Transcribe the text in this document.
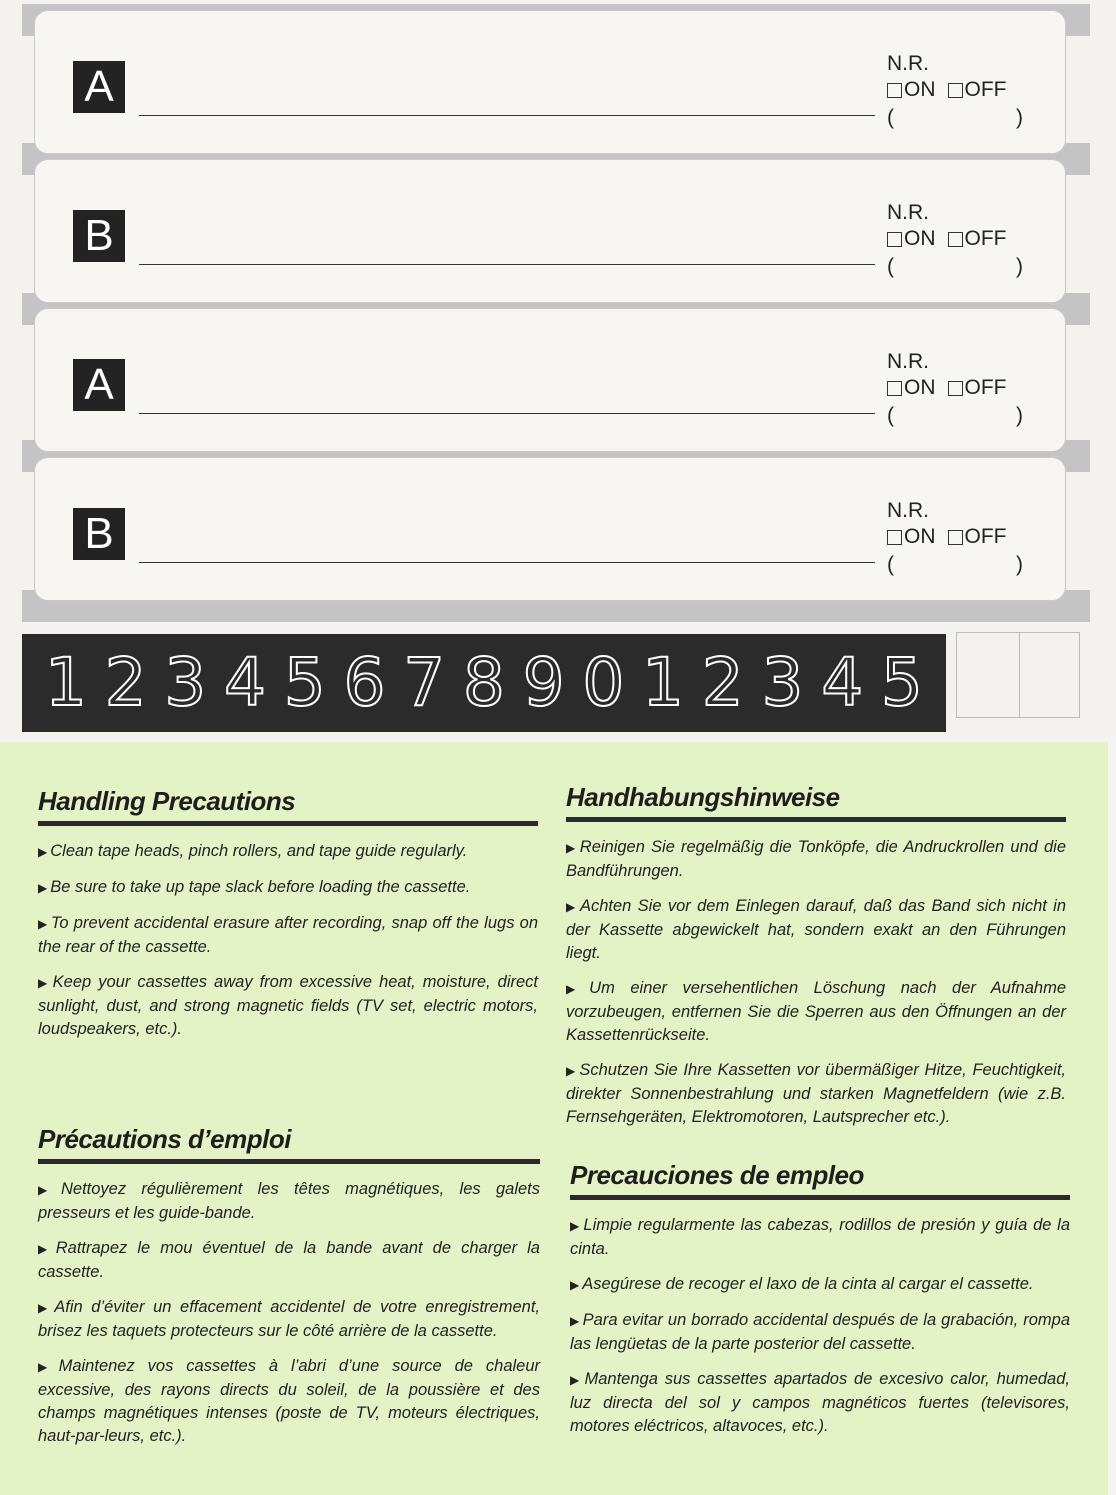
A	N.R.
ON OFF
(	)
B	N.R.
ON OFF
(	)
A	N.R.
ON OFF
(	)
B	N.R.
ON OFF
(	)
1 2 3 4 5 6 7 8 9 0 1 2 3 4 5
Handling Precautions
▶ Clean tape heads, pinch rollers, and tape guide regularly.
▶ Be sure to take up tape slack before loading the cassette.
▶ To prevent accidental erasure after recording, snap off the lugs on the rear of the cassette.
▶ Keep your cassettes away from excessive heat, moisture, direct sunlight, dust, and strong magnetic fields (TV set, electric motors, loudspeakers, etc.).
Précautions d’emploi
▶ Nettoyez régulièrement les têtes magnétiques, les galets presseurs et les guide-bande.
▶ Rattrapez le mou éventuel de la bande avant de charger la cassette.
▶ Afin d’éviter un effacement accidentel de votre enregistrement, brisez les taquets protecteurs sur le côté arrière de la cassette.
▶ Maintenez vos cassettes à l’abri d’une source de chaleur excessive, des rayons directs du soleil, de la poussière et des champs magnétiques intenses (poste de TV, moteurs électriques, haut-par-leurs, etc.).
Handhabungshinweise
▶ Reinigen Sie regelmäßig die Tonköpfe, die Andruckrollen und die Bandführungen.
▶ Achten Sie vor dem Einlegen darauf, daß das Band sich nicht in der Kassette abgewickelt hat, sondern exakt an den Führungen liegt.
▶ Um einer versehentlichen Löschung nach der Aufnahme vorzubeugen, entfernen Sie die Sperren aus den Öffnungen an der Kassettenrückseite.
▶ Schutzen Sie Ihre Kassetten vor übermäßiger Hitze, Feuchtigkeit, direkter Sonnenbestrahlung und starken Magnetfeldern (wie z.B. Fernsehgeräten, Elektromotoren, Lautsprecher etc.).
Precauciones de empleo
▶ Limpie regularmente las cabezas, rodillos de presión y guía de la cinta.
▶ Asegúrese de recoger el laxo de la cinta al cargar el cassette.
▶ Para evitar un borrado accidental después de la grabación, rompa las lengüetas de la parte posterior del cassette.
▶ Mantenga sus cassettes apartados de excesivo calor, humedad, luz directa del sol y campos magnéticos fuertes (televisores, motores eléctricos, altavoces, etc.).
